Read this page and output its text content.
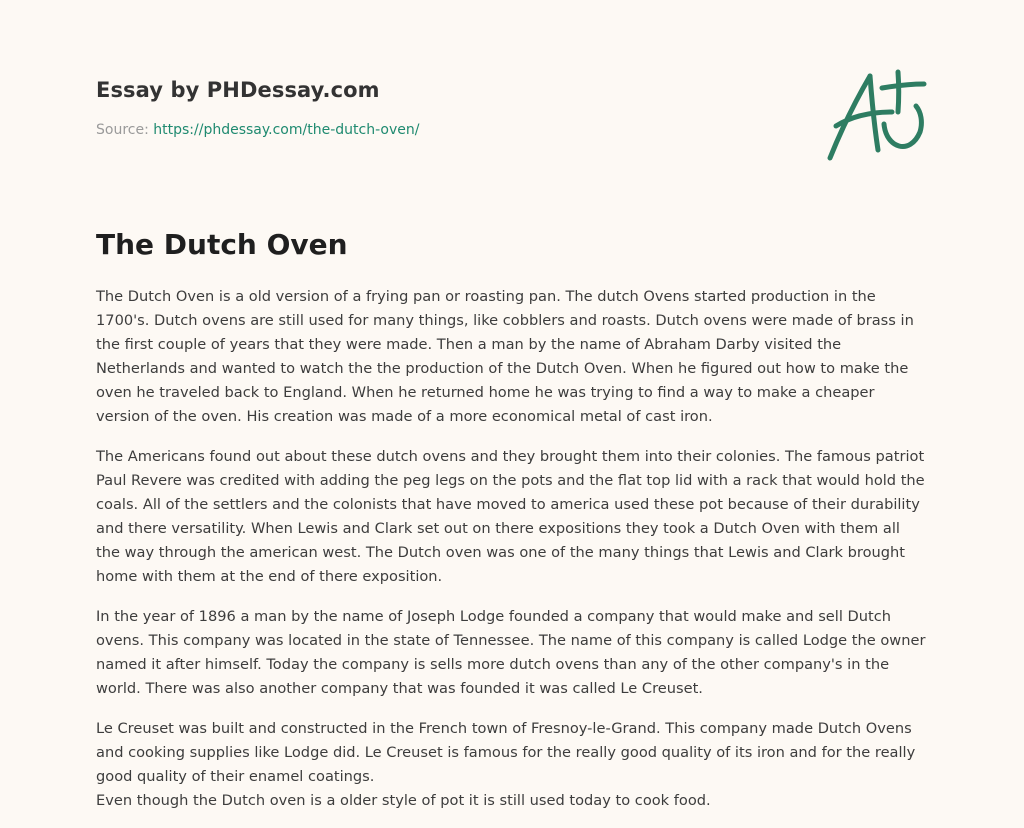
Essay by PHDessay.com
Source: https://phdessay.com/the-dutch-oven/
The Dutch Oven

The Dutch Oven is a old version of a frying pan or roasting pan. The dutch Ovens started production in the 1700's. Dutch ovens are still used for many things, like cobblers and roasts. Dutch ovens were made of brass in the first couple of years that they were made. Then a man by the name of Abraham Darby visited the Netherlands and wanted to watch the the production of the Dutch Oven. When he figured out how to make the oven he traveled back to England. When he returned home he was trying to find a way to make a cheaper version of the oven. His creation was made of a more economical metal of cast iron.

The Americans found out about these dutch ovens and they brought them into their colonies. The famous patriot Paul Revere was credited with adding the peg legs on the pots and the flat top lid with a rack that would hold the coals. All of the settlers and the colonists that have moved to america used these pot because of their durability and there versatility. When Lewis and Clark set out on there expositions they took a Dutch Oven with them all the way through the american west. The Dutch oven was one of the many things that Lewis and Clark brought home with them at the end of there exposition.

In the year of 1896 a man by the name of Joseph Lodge founded a company that would make and sell Dutch ovens. This company was located in the state of Tennessee. The name of this company is called Lodge the owner named it after himself. Today the company is sells more dutch ovens than any of the other company's in the world. There was also another company that was founded it was called Le Creuset.

Le Creuset was built and constructed in the French town of Fresnoy-le-Grand. This company made Dutch Ovens and cooking supplies like Lodge did. Le Creuset is famous for the really good quality of its iron and for the really good quality of their enamel coatings.

Even though the Dutch oven is a older style of pot it is still used today to cook food.
